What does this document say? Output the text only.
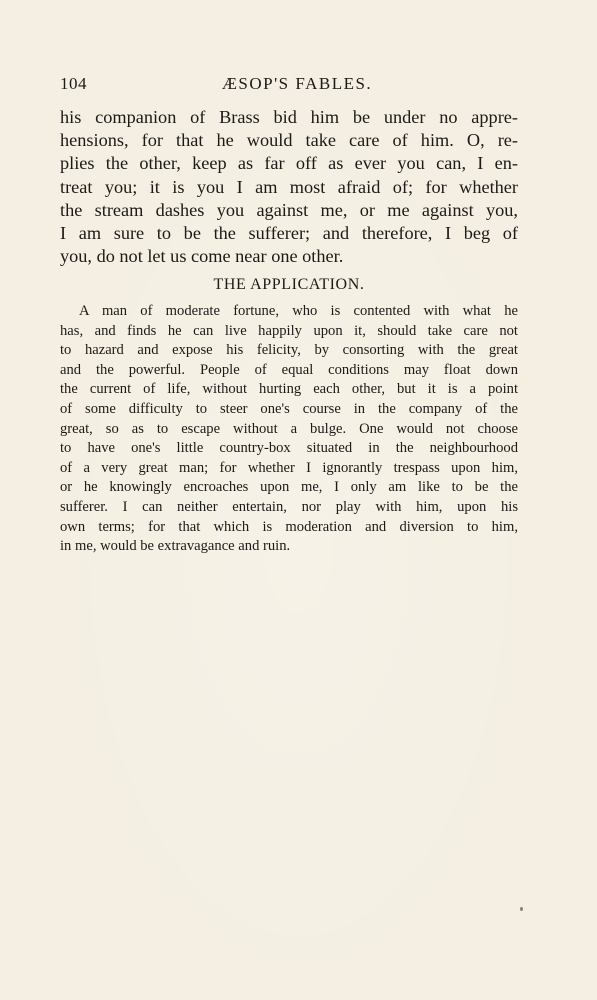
104	ÆSOP'S FABLES.
his companion of Brass bid him be under no appre-
hensions, for that he would take care of him. O, re-
plies the other, keep as far off as ever you can, I en-
treat you; it is you I am most afraid of; for whether
the stream dashes you against me, or me against you,
I am sure to be the sufferer; and therefore, I beg of
you, do not let us come near one other.
THE APPLICATION.
A man of moderate fortune, who is contented with what he
has, and finds he can live happily upon it, should take care not
to hazard and expose his felicity, by consorting with the great
and the powerful. People of equal conditions may float down
the current of life, without hurting each other, but it is a point
of some difficulty to steer one's course in the company of the
great, so as to escape without a bulge. One would not choose
to have one's little country-box situated in the neighbourhood
of a very great man; for whether I ignorantly trespass upon him,
or he knowingly encroaches upon me, I only am like to be the
sufferer. I can neither entertain, nor play with him, upon his
own terms; for that which is moderation and diversion to him,
in me, would be extravagance and ruin.
